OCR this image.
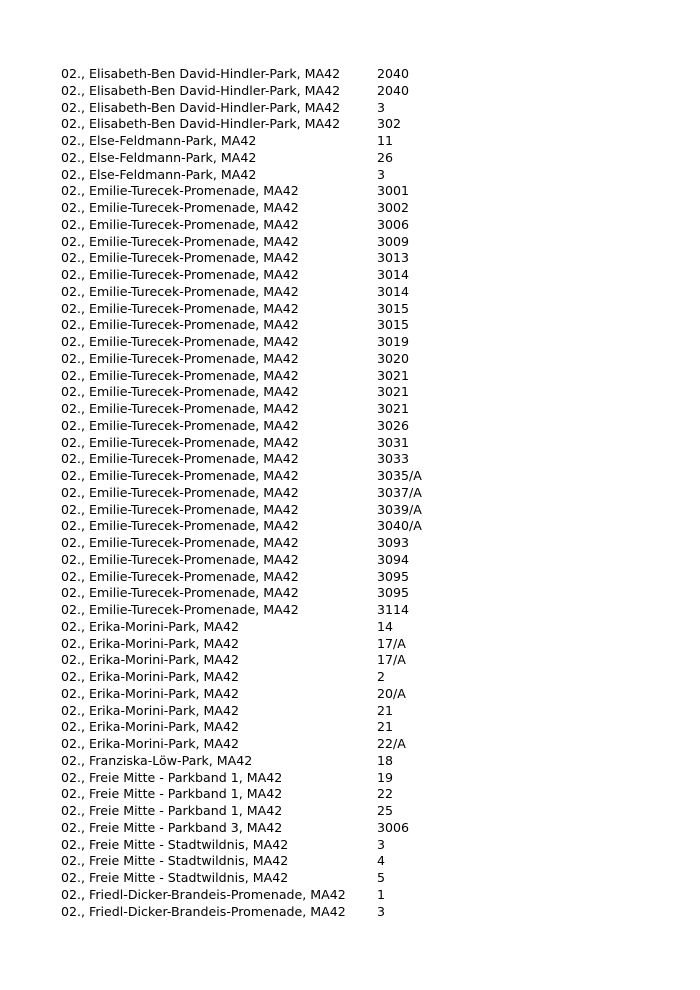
02., Elisabeth-Ben David-Hindler-Park, MA42	2040
02., Elisabeth-Ben David-Hindler-Park, MA42	2040
02., Elisabeth-Ben David-Hindler-Park, MA42	3
02., Elisabeth-Ben David-Hindler-Park, MA42	302
02., Else-Feldmann-Park, MA42	11
02., Else-Feldmann-Park, MA42	26
02., Else-Feldmann-Park, MA42	3
02., Emilie-Turecek-Promenade, MA42	3001
02., Emilie-Turecek-Promenade, MA42	3002
02., Emilie-Turecek-Promenade, MA42	3006
02., Emilie-Turecek-Promenade, MA42	3009
02., Emilie-Turecek-Promenade, MA42	3013
02., Emilie-Turecek-Promenade, MA42	3014
02., Emilie-Turecek-Promenade, MA42	3014
02., Emilie-Turecek-Promenade, MA42	3015
02., Emilie-Turecek-Promenade, MA42	3015
02., Emilie-Turecek-Promenade, MA42	3019
02., Emilie-Turecek-Promenade, MA42	3020
02., Emilie-Turecek-Promenade, MA42	3021
02., Emilie-Turecek-Promenade, MA42	3021
02., Emilie-Turecek-Promenade, MA42	3021
02., Emilie-Turecek-Promenade, MA42	3026
02., Emilie-Turecek-Promenade, MA42	3031
02., Emilie-Turecek-Promenade, MA42	3033
02., Emilie-Turecek-Promenade, MA42	3035/A
02., Emilie-Turecek-Promenade, MA42	3037/A
02., Emilie-Turecek-Promenade, MA42	3039/A
02., Emilie-Turecek-Promenade, MA42	3040/A
02., Emilie-Turecek-Promenade, MA42	3093
02., Emilie-Turecek-Promenade, MA42	3094
02., Emilie-Turecek-Promenade, MA42	3095
02., Emilie-Turecek-Promenade, MA42	3095
02., Emilie-Turecek-Promenade, MA42	3114
02., Erika-Morini-Park, MA42	14
02., Erika-Morini-Park, MA42	17/A
02., Erika-Morini-Park, MA42	17/A
02., Erika-Morini-Park, MA42	2
02., Erika-Morini-Park, MA42	20/A
02., Erika-Morini-Park, MA42	21
02., Erika-Morini-Park, MA42	21
02., Erika-Morini-Park, MA42	22/A
02., Franziska-Löw-Park, MA42	18
02., Freie Mitte - Parkband 1, MA42	19
02., Freie Mitte - Parkband 1, MA42	22
02., Freie Mitte - Parkband 1, MA42	25
02., Freie Mitte - Parkband 3, MA42	3006
02., Freie Mitte - Stadtwildnis, MA42	3
02., Freie Mitte - Stadtwildnis, MA42	4
02., Freie Mitte - Stadtwildnis, MA42	5
02., Friedl-Dicker-Brandeis-Promenade, MA42 1
02., Friedl-Dicker-Brandeis-Promenade, MA42 3
